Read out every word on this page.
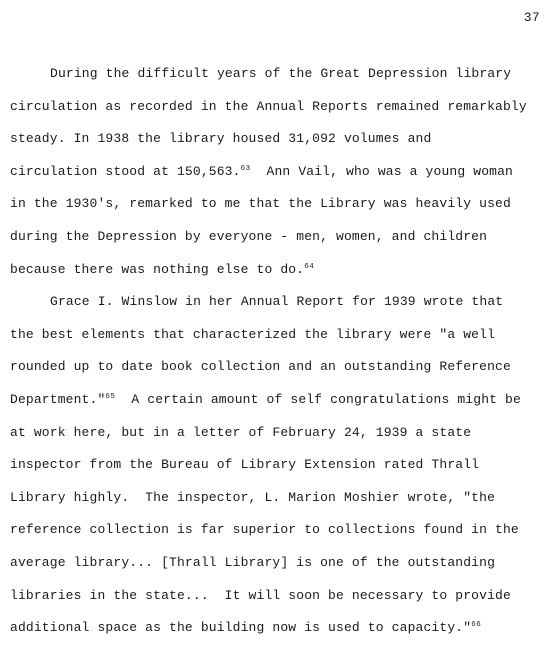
37
During the difficult years of the Great Depression library
circulation as recorded in the Annual Reports remained remarkably
steady. In 1938 the library housed 31,092 volumes and
circulation stood at 150,563.63  Ann Vail, who was a young woman
in the 1930's, remarked to me that the Library was heavily used
during the Depression by everyone - men, women, and children
because there was nothing else to do.$^{64}$
Grace I. Winslow in her Annual Report for 1939 wrote that
the best elements that characterized the library were "a well
rounded up to date book collection and an outstanding Reference
Department."$^{65}$  A certain amount of self congratulations might be
at work here, but in a letter of February 24, 1939 a state
inspector from the Bureau of Library Extension rated Thrall
Library highly.  The inspector, L. Marion Moshier wrote, "the
reference collection is far superior to collections found in the
average library... [Thrall Library] is one of the outstanding
libraries in the state...  It will soon be necessary to provide
additional space as the building now is used to capacity."$^{66}$
